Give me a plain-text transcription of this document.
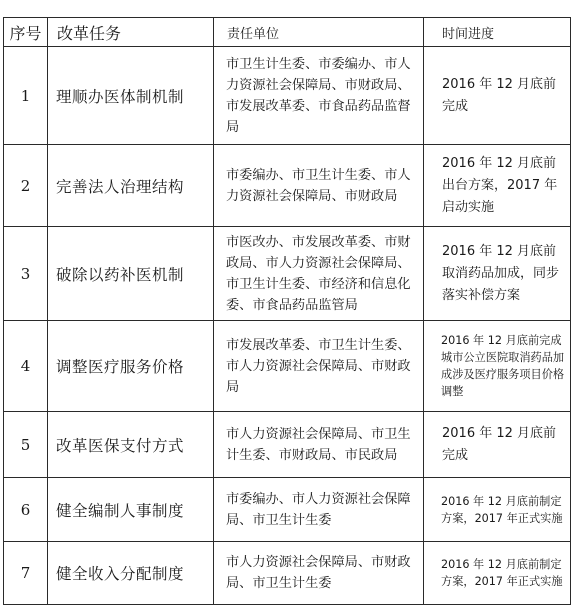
序号	改革任务	责任单位	时间进度
1	理顺办医体制机制	市卫生计生委、市委编办、市人力资源社会保障局、市财政局、市发展改革委、市食品药品监督局	2016 年 12 月底前完成
2	完善法人治理结构	市委编办、市卫生计生委、市人力资源社会保障局、市财政局	2016 年 12 月底前出台方案，2017 年启动实施
3	破除以药补医机制	市医改办、市发展改革委、市财政局、市人力资源社会保障局、市卫生计生委、市经济和信息化委、市食品药品监管局	2016 年 12 月底前取消药品加成，同步落实补偿方案
4	调整医疗服务价格	市发展改革委、市卫生计生委、市人力资源社会保障局、市财政局	2016 年 12 月底前完成城市公立医院取消药品加成涉及医疗服务项目价格调整
5	改革医保支付方式	市人力资源社会保障局、市卫生计生委、市财政局、市民政局	2016 年 12 月底前完成
6	健全编制人事制度	市委编办、市人力资源社会保障局、市卫生计生委	2016 年 12 月底前制定方案，2017 年正式实施
7	健全收入分配制度	市人力资源社会保障局、市财政局、市卫生计生委	2016 年 12 月底前制定方案，2017 年正式实施
